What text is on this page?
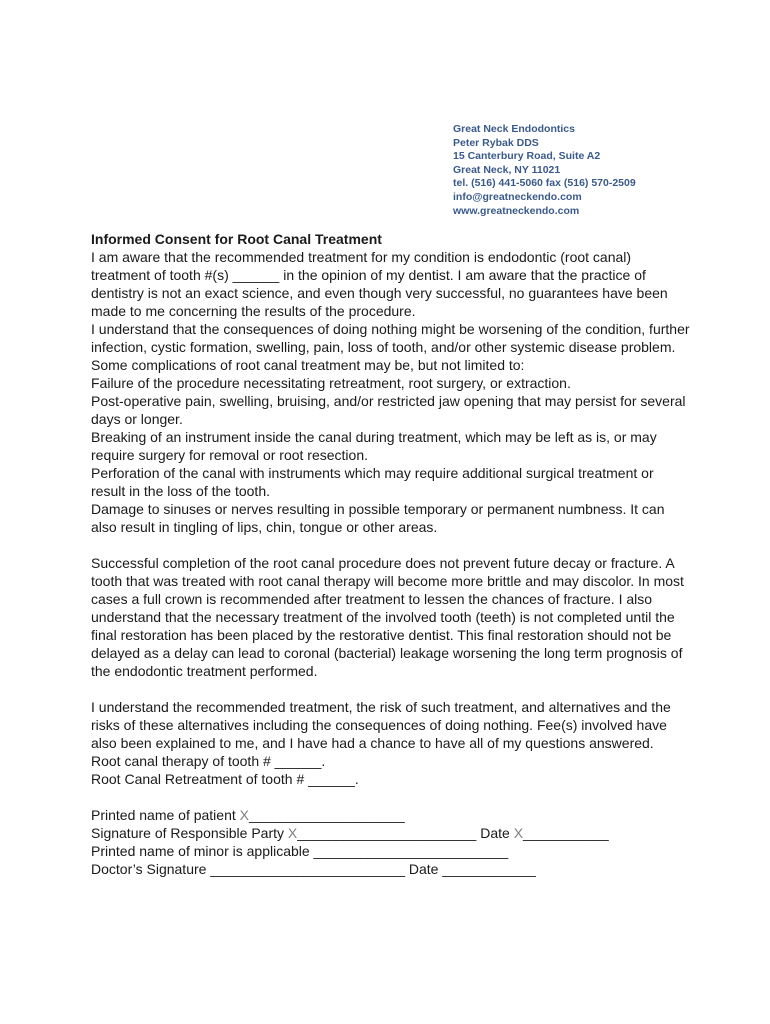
Great Neck Endodontics
Peter Rybak DDS
15 Canterbury Road, Suite A2
Great Neck, NY 11021
tel. (516) 441-5060 fax (516) 570-2509
info@greatneckendo.com
www.greatneckendo.com
Informed Consent for Root Canal Treatment
I am aware that the recommended treatment for my condition is endodontic (root canal) treatment of tooth #(s) ______ in the opinion of my dentist. I am aware that the practice of dentistry is not an exact science, and even though very successful, no guarantees have been made to me concerning the results of the procedure.
I understand that the consequences of doing nothing might be worsening of the condition, further infection, cystic formation, swelling, pain, loss of tooth, and/or other systemic disease problem. Some complications of root canal treatment may be, but not limited to:
Failure of the procedure necessitating retreatment, root surgery, or extraction.
Post-operative pain, swelling, bruising, and/or restricted jaw opening that may persist for several days or longer.
Breaking of an instrument inside the canal during treatment, which may be left as is, or may require surgery for removal or root resection.
Perforation of the canal with instruments which may require additional surgical treatment or result in the loss of the tooth.
Damage to sinuses or nerves resulting in possible temporary or permanent numbness. It can also result in tingling of lips, chin, tongue or other areas.
Successful completion of the root canal procedure does not prevent future decay or fracture. A tooth that was treated with root canal therapy will become more brittle and may discolor. In most cases a full crown is recommended after treatment to lessen the chances of fracture. I also understand that the necessary treatment of the involved tooth (teeth) is not completed until the final restoration has been placed by the restorative dentist. This final restoration should not be delayed as a delay can lead to coronal (bacterial) leakage worsening the long term prognosis of the endodontic treatment performed.
I understand the recommended treatment, the risk of such treatment, and alternatives and the risks of these alternatives including the consequences of doing nothing. Fee(s) involved have also been explained to me, and I have had a chance to have all of my questions answered.
Root canal therapy of tooth # ______.
Root Canal Retreatment of tooth # ______.
Printed name of patient X____________________
Signature of Responsible Party X_______________________ Date X___________
Printed name of minor is applicable _________________________
Doctor’s Signature _________________________ Date ____________
